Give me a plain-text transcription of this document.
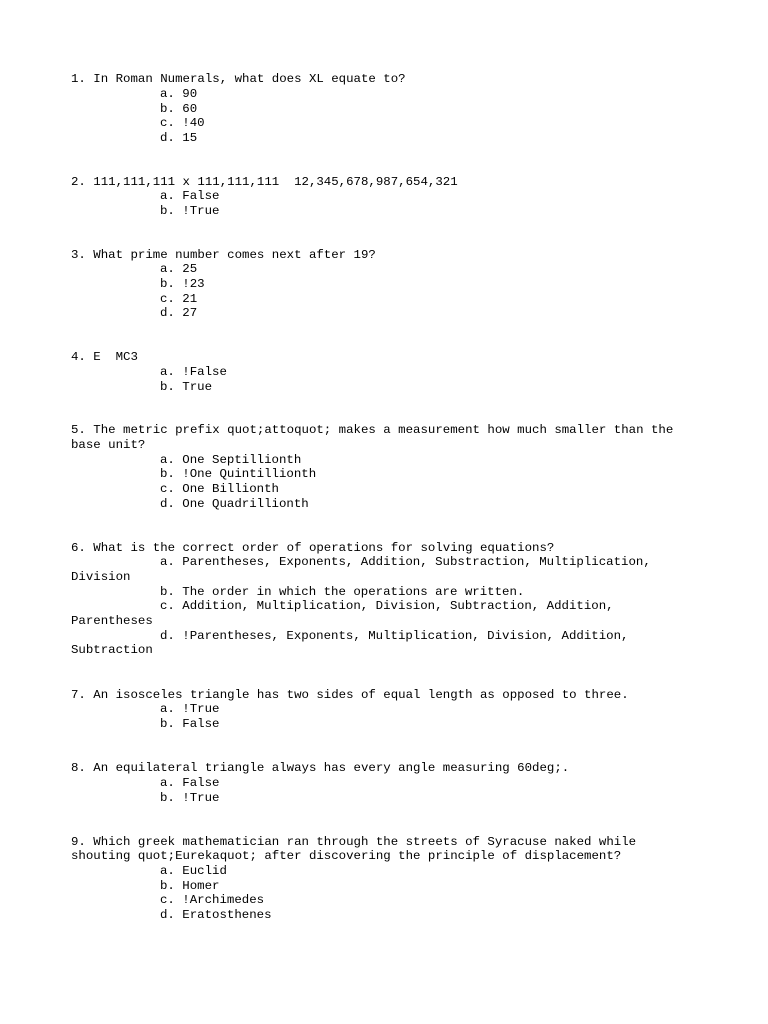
1. In Roman Numerals, what does XL equate to?
a. 90
b. 60
c. !40
d. 15
2. 111,111,111 x 111,111,111  12,345,678,987,654,321
a. False
b. !True
3. What prime number comes next after 19?
a. 25
b. !23
c. 21
d. 27
4. E  MC3
a. !False
b. True
5. The metric prefix quot;attoquot; makes a measurement how much smaller than the
base unit?
a. One Septillionth
b. !One Quintillionth
c. One Billionth
d. One Quadrillionth
6. What is the correct order of operations for solving equations?
a. Parentheses, Exponents, Addition, Substraction, Multiplication,
Division
b. The order in which the operations are written.
c. Addition, Multiplication, Division, Subtraction, Addition,
Parentheses
d. !Parentheses, Exponents, Multiplication, Division, Addition,
Subtraction
7. An isosceles triangle has two sides of equal length as opposed to three.
a. !True
b. False
8. An equilateral triangle always has every angle measuring 60deg;.
a. False
b. !True
9. Which greek mathematician ran through the streets of Syracuse naked while
shouting quot;Eurekaquot; after discovering the principle of displacement?
a. Euclid
b. Homer
c. !Archimedes
d. Eratosthenes
